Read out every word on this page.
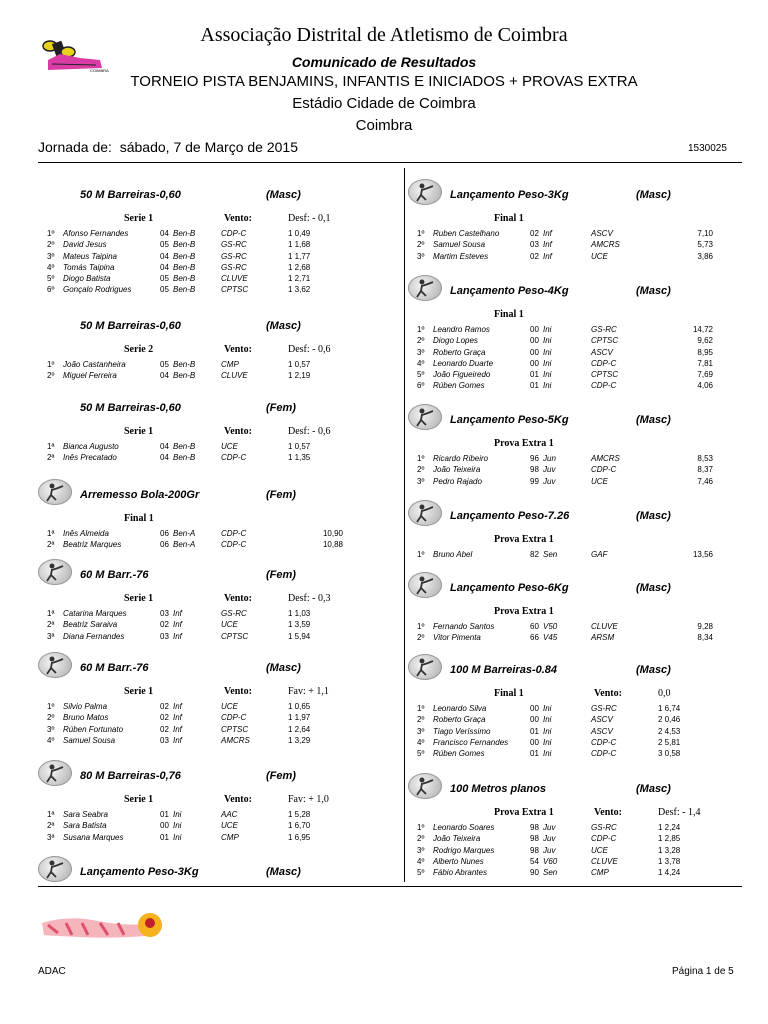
COIMBRA
Associação Distrital de Atletismo de Coimbra
Comunicado de Resultados
TORNEIO PISTA BENJAMINS, INFANTIS E INICIADOS + PROVAS EXTRA
Estádio Cidade de Coimbra
Coimbra
Jornada de: sábado, 7 de Março de 2015	1530025
50 M Barreiras-0,60	(Masc)
Serie 1	Vento:	Desf: - 0,1
1º Afonso Fernandes	04 Ben-B	CDP-C	1 0,49
2º David Jesus	05 Ben-B	GS-RC	1 1,68
3º Mateus Taipina	04 Ben-B	GS-RC	1 1,77
4º Tomás Taipina	04 Ben-B	GS-RC	1 2,68
5º Diogo Batista	05 Ben-B	CLUVE	1 2,71
6º Gonçalo Rodrigues	05 Ben-B	CPTSC	1 3,62
50 M Barreiras-0,60	(Masc)
Serie 2	Vento:	Desf: - 0,6
1º João Castanheira	05 Ben-B	CMP	1 0,57
2º Miguel Ferreira	04 Ben-B	CLUVE	1 2,19
50 M Barreiras-0,60	(Fem)
Serie 1	Vento:	Desf: - 0,6
1ª Bianca Augusto	04 Ben-B	UCE	1 0,57
2ª Inês Precatado	04 Ben-B	CDP-C	1 1,35
Arremesso Bola-200Gr	(Fem)
Final 1
1ª Inês Almeida	06 Ben-A	CDP-C	10,90
2ª Beatriz Marques	06 Ben-A	CDP-C	10,88
60 M Barr.-76	(Fem)
Serie 1	Vento:	Desf: - 0,3
1ª Catarina Marques	03 Inf	GS-RC	1 1,03
2ª Beatriz Saraiva	02 Inf	UCE	1 3,59
3ª Diana Fernandes	03 Inf	CPTSC	1 5,94
60 M Barr.-76	(Masc)
Serie 1	Vento:	Fav: + 1,1
1º Silvio Palma	02 Inf	UCE	1 0,65
2º Bruno Matos	02 Inf	CDP-C	1 1,97
3º Rúben Fortunato	02 Inf	CPTSC	1 2,64
4º Samuel Sousa	03 Inf	AMCRS	1 3,29
80 M Barreiras-0,76	(Fem)
Serie 1	Vento:	Fav: + 1,0
1ª Sara Seabra	01 Ini	AAC	1 5,28
2ª Sara Batista	00 Ini	UCE	1 6,70
3ª Susana Marques	01 Ini	CMP	1 6,95
Lançamento Peso-3Kg	(Masc)
Lançamento Peso-3Kg	(Masc)
Final 1
1º Ruben Castelhano	02 Inf	ASCV	7,10
2º Samuel Sousa	03 Inf	AMCRS	5,73
3º Martim Esteves	02 Inf	UCE	3,86
Lançamento Peso-4Kg	(Masc)
Final 1
1º Leandro Ramos	00 Ini	GS-RC	14,72
2º Diogo Lopes	00 Ini	CPTSC	9,62
3º Roberto Graça	00 Ini	ASCV	8,95
4º Leonardo Duarte	00 Ini	CDP-C	7,81
5º João Figueiredo	01 Ini	CPTSC	7,69
6º Rúben Gomes	01 Ini	CDP-C	4,06
Lançamento Peso-5Kg	(Masc)
Prova Extra 1
1º Ricardo Ribeiro	96 Jun	AMCRS	8,53
2º João Teixeira	98 Juv	CDP-C	8,37
3º Pedro Rajado	99 Juv	UCE	7,46
Lançamento Peso-7.26	(Masc)
Prova Extra 1
1º Bruno Abel	82 Sen	GAF	13,56
Lançamento Peso-6Kg	(Masc)
Prova Extra 1
1º Fernando Santos	60 V50	CLUVE	9,28
2º Vitor Pimenta	66 V45	ARSM	8,34
100 M Barreiras-0.84	(Masc)
Final 1	Vento:	0,0
1º Leonardo Silva	00 Ini	GS-RC	1 6,74
2º Roberto Graça	00 Ini	ASCV	2 0,46
3º Tiago Veríssimo	01 Ini	ASCV	2 4,53
4º Francisco Fernandes	00 Ini	CDP-C	2 5,81
5º Rúben Gomes	01 Ini	CDP-C	3 0,58
100 Metros planos	(Masc)
Prova Extra 1	Vento:	Desf: - 1,4
1º Leonardo Soares	98 Juv	GS-RC	1 2,24
2º João Teixeira	98 Juv	CDP-C	1 2,85
3º Rodrigo Marques	98 Juv	UCE	1 3,28
4º Alberto Nunes	54 V60	CLUVE	1 3,78
5º Fábio Abrantes	90 Sen	CMP	1 4,24
ADAC	Página 1 de 5
